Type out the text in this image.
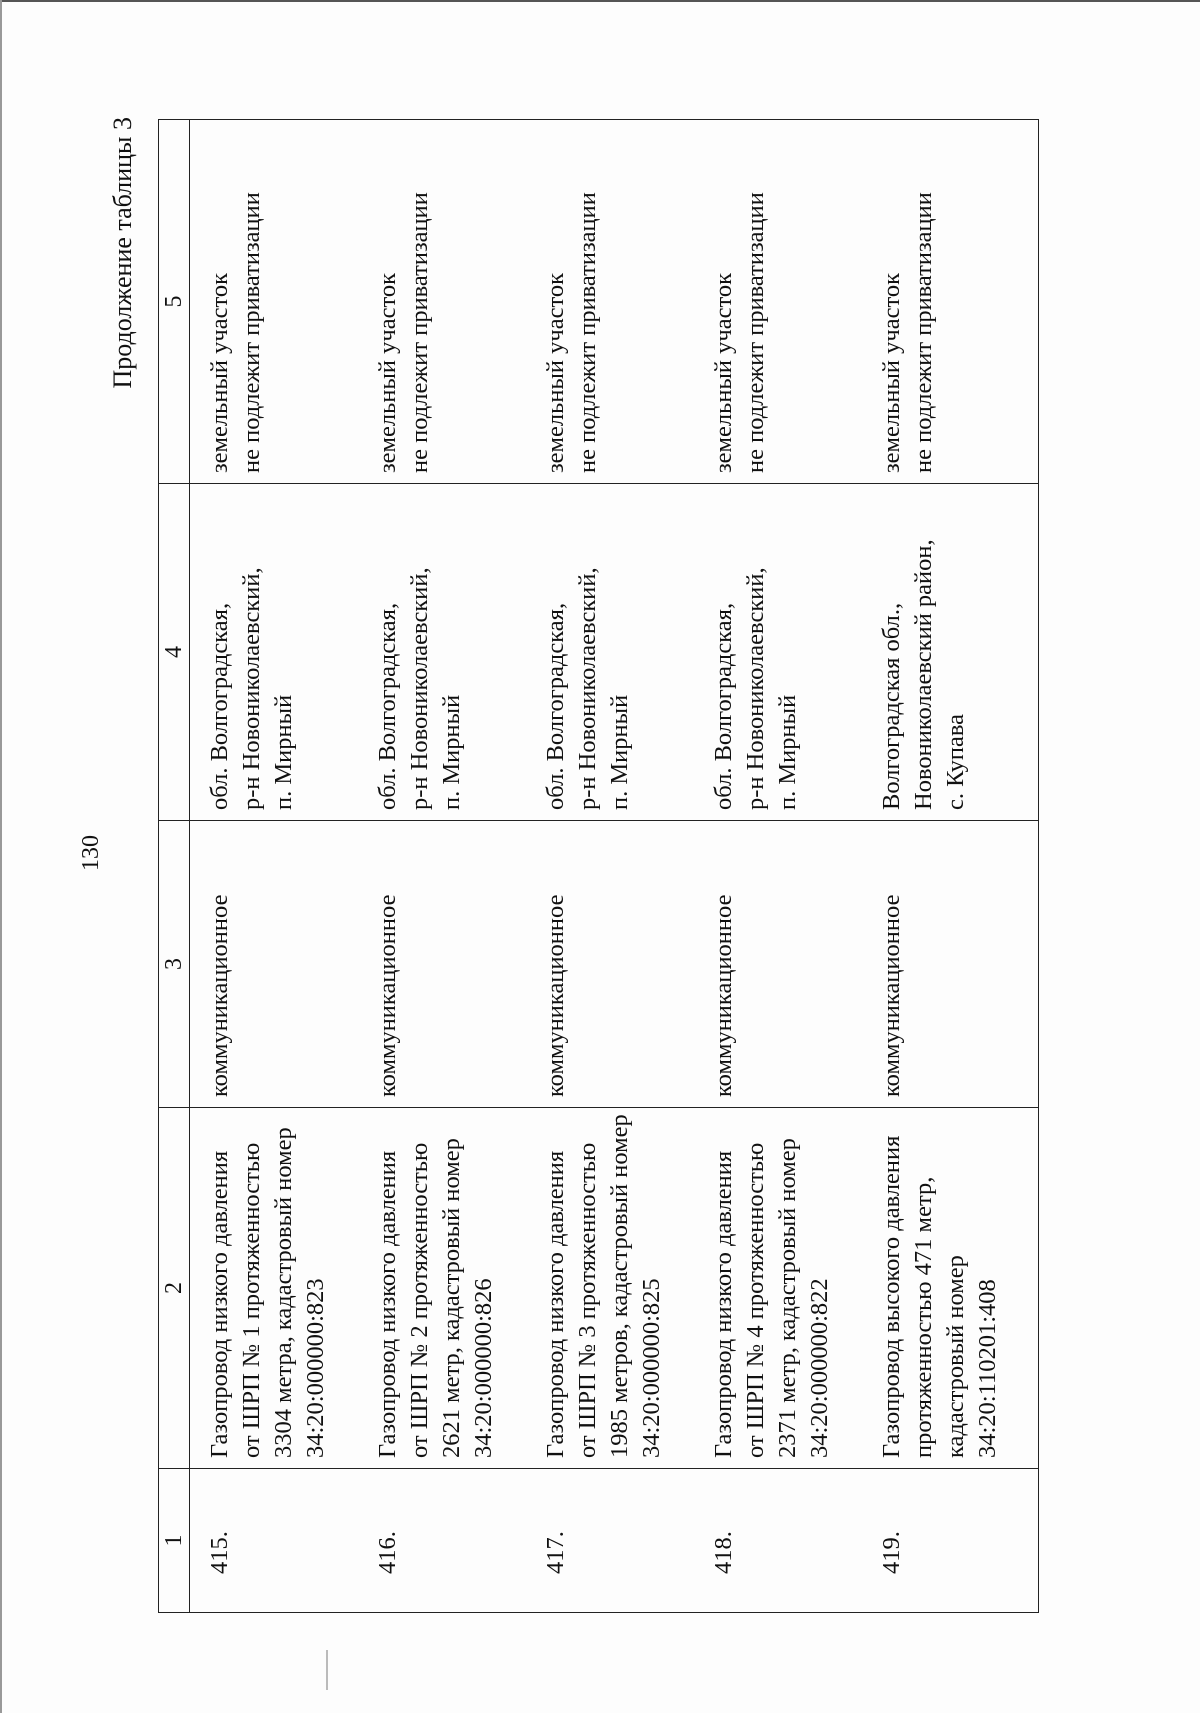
130
Продолжение таблицы 3
1	2	3	4	5
415.	Газопровод низкого давления от ШРП № 1 протяженностью 3304 метра, кадастровый номер 34:20:000000:823	коммуникационное	обл. Волгоградская, р-н Новониколаевский, п. Мирный	земельный участок не подлежит приватизации

416.	Газопровод низкого давления от ШРП № 2 протяженностью 2621 метр, кадастровый номер 34:20:000000:826	коммуникационное	обл. Волгоградская, р-н Новониколаевский, п. Мирный	земельный участок не подлежит приватизации

417.	Газопровод низкого давления от ШРП № 3 протяженностью 1985 метров, кадастровый номер 34:20:000000:825	коммуникационное	обл. Волгоградская, р-н Новониколаевский, п. Мирный	земельный участок не подлежит приватизации

418.	Газопровод низкого давления от ШРП № 4 протяженностью 2371 метр, кадастровый номер 34:20:000000:822	коммуникационное	обл. Волгоградская, р-н Новониколаевский, п. Мирный	земельный участок не подлежит приватизации

419.	Газопровод высокого давления протяженностью 471 метр, кадастровый номер 34:20:110201:408	коммуникационное	Волгоградская обл., Новониколаевский район, с. Купава	земельный участок не подлежит приватизации
